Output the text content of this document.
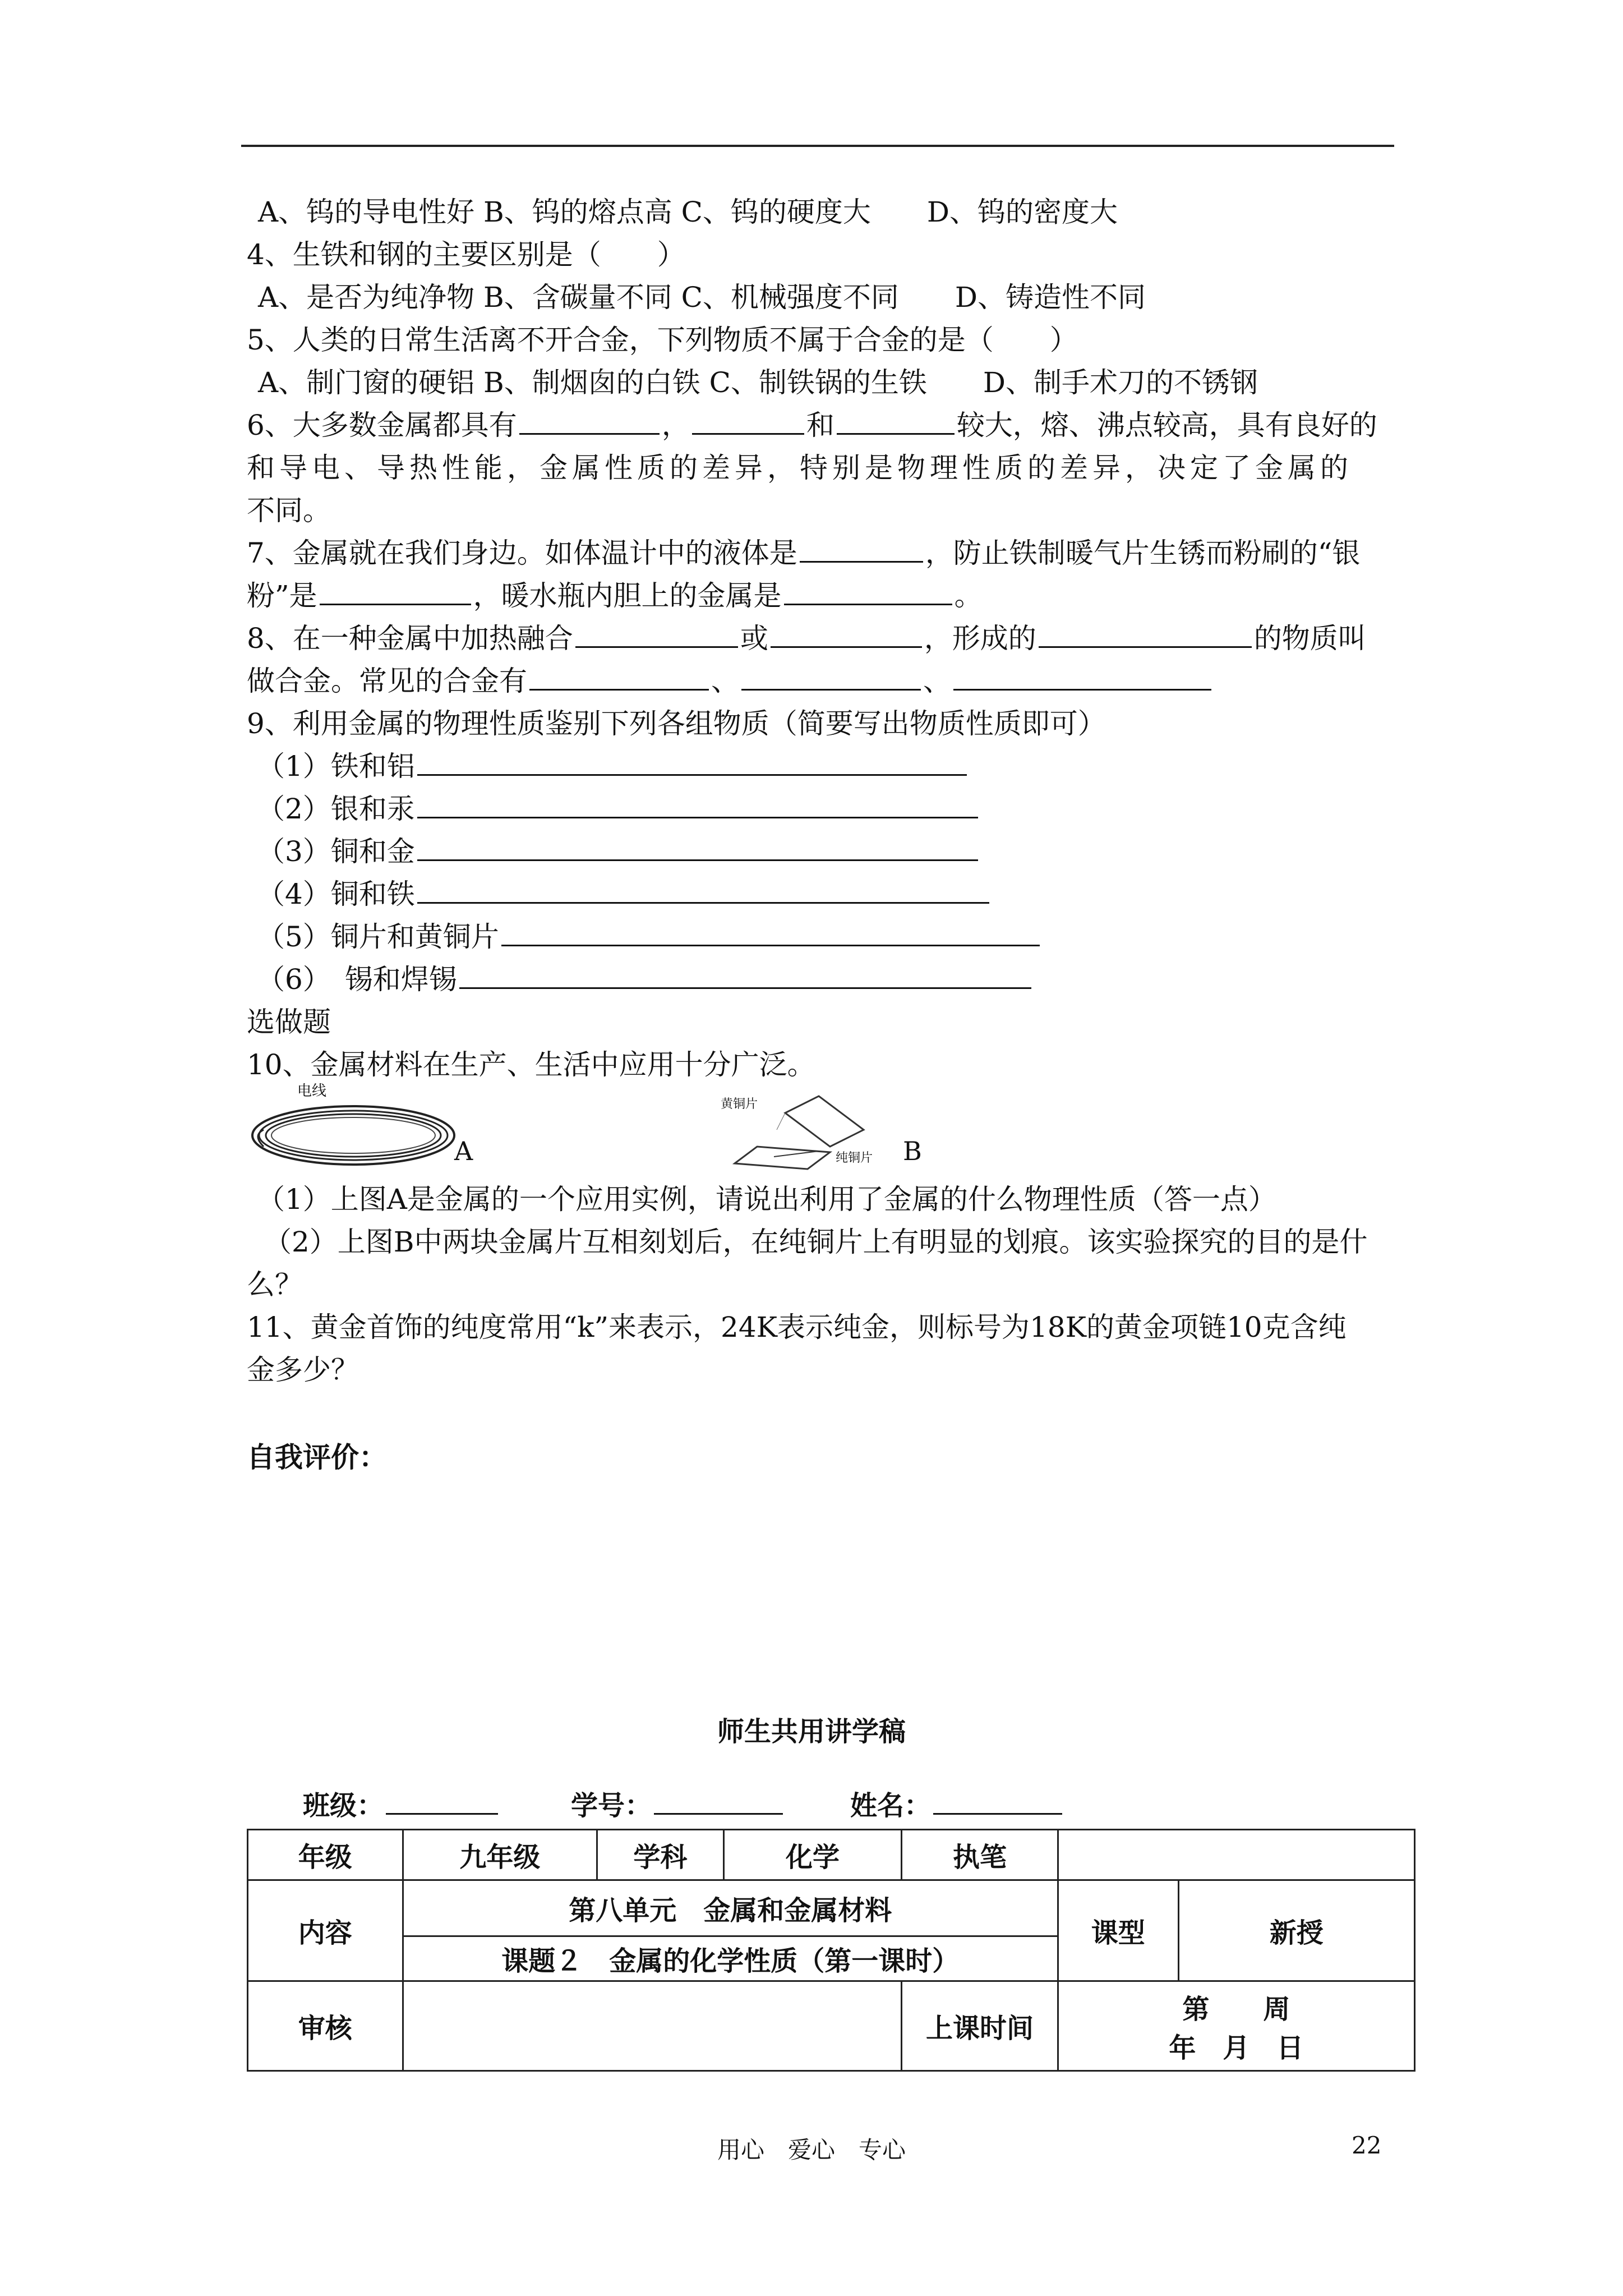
A、钨的导电性好 B、钨的熔点高 C、钨的硬度大　　D、钨的密度大
4、生铁和钢的主要区别是（　　）
A、是否为纯净物 B、含碳量不同 C、机械强度不同　　D、铸造性不同
5、人类的日常生活离不开合金，下列物质不属于合金的是（　　）
A、制门窗的硬铝 B、制烟囱的白铁 C、制铁锅的生铁　　D、制手术刀的不锈钢
6、大多数金属都具有	，	和	较大，熔、沸点较高，具有良好的
和导电、导热性能，金属性质的差异，特别是物理性质的差异，决定了金属的
不同。
7、金属就在我们身边。如体温计中的液体是	，防止铁制暖气片生锈而粉刷的“银
粉”是	，暖水瓶内胆上的金属是	。
8、在一种金属中加热融合	或	，形成的	的物质叫
做合金。常见的合金有	、	、
9、利用金属的物理性质鉴别下列各组物质（简要写出物质性质即可）
（1）铁和铝
（2）银和汞
（3）铜和金
（4）铜和铁
（5）铜片和黄铜片
（6）　锡和焊锡
选做题
10、金属材料在生产、生活中应用十分广泛。
电线
A
黄铜片
纯铜片 B
（1）上图A是金属的一个应用实例，请说出利用了金属的什么物理性质（答一点）
（2）上图B中两块金属片互相刻划后，在纯铜片上有明显的划痕。该实验探究的目的是什
么？
11、黄金首饰的纯度常用“k”来表示，24K表示纯金，则标号为18K的黄金项链10克含纯
金多少？
自我评价：
师生共用讲学稿
班级：	学号：	姓名：
年级	九年级	学科	化学	执笔		
内容	第八单元　金属和金属材料				课型	新授
	课题２　金属的化学性质（第一课时）					
审核				上课时间	第　　周
年　月　日	
用心　爱心　专心	22
